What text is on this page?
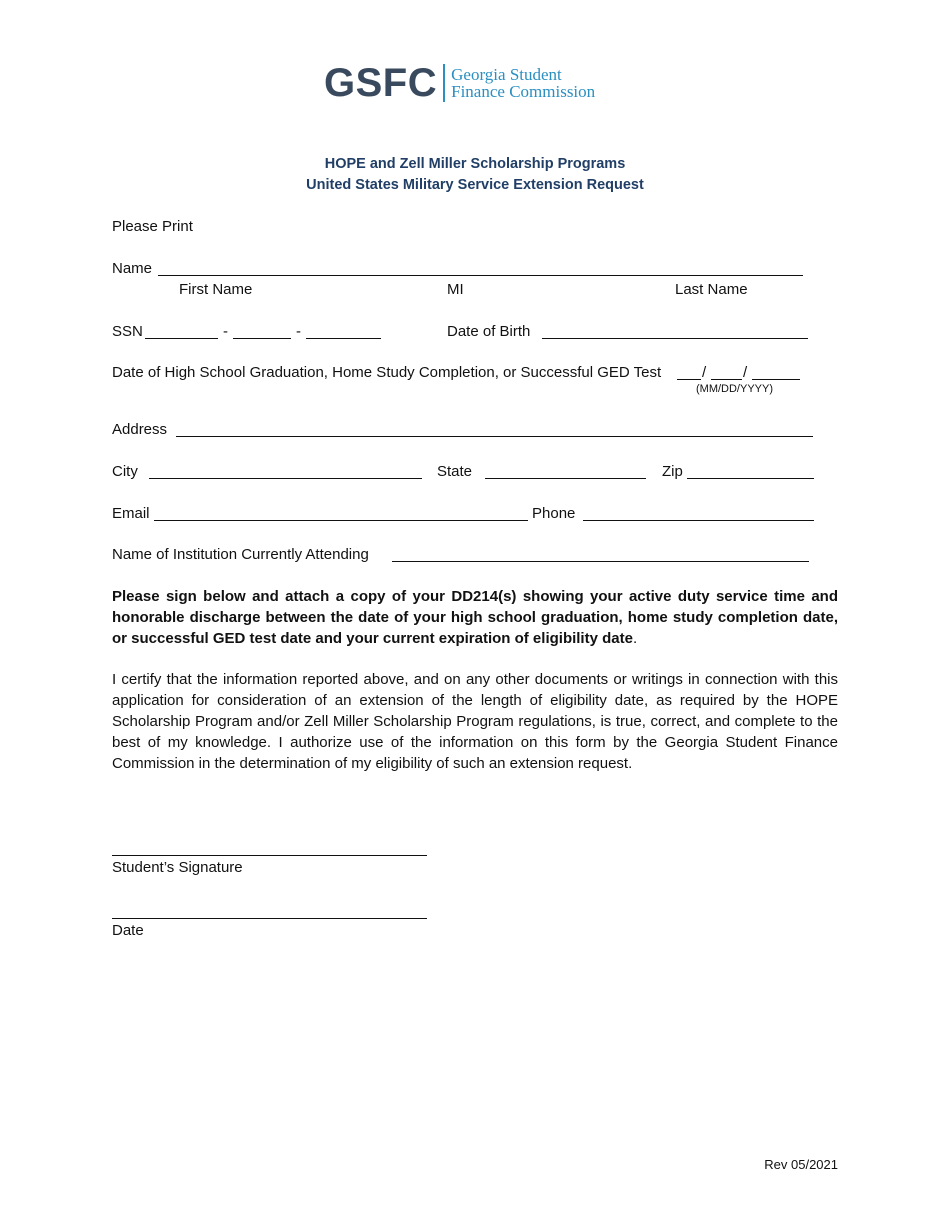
GSFC Georgia Student
Finance Commission
HOPE and Zell Miller Scholarship Programs
United States Military Service Extension Request
Please Print
Name
First Name	MI	Last Name
SSN	-	-	Date of Birth
Date of High School Graduation, Home Study Completion, or Successful GED Test	/ /
(MM/DD/YYYY)
Address
City	State	Zip
Email	Phone
Name of Institution Currently Attending
Please sign below and attach a copy of your DD214(s) showing your active duty service time and honorable discharge between the date of your high school graduation, home study completion date, or successful GED test date and your current expiration of eligibility date.
I certify that the information reported above, and on any other documents or writings in connection with this application for consideration of an extension of the length of eligibility date, as required by the HOPE Scholarship Program and/or Zell Miller Scholarship Program regulations, is true, correct, and complete to the best of my knowledge. I authorize use of the information on this form by the Georgia Student Finance Commission in the determination of my eligibility of such an extension request.
Student’s Signature
Date
Rev 05/2021
